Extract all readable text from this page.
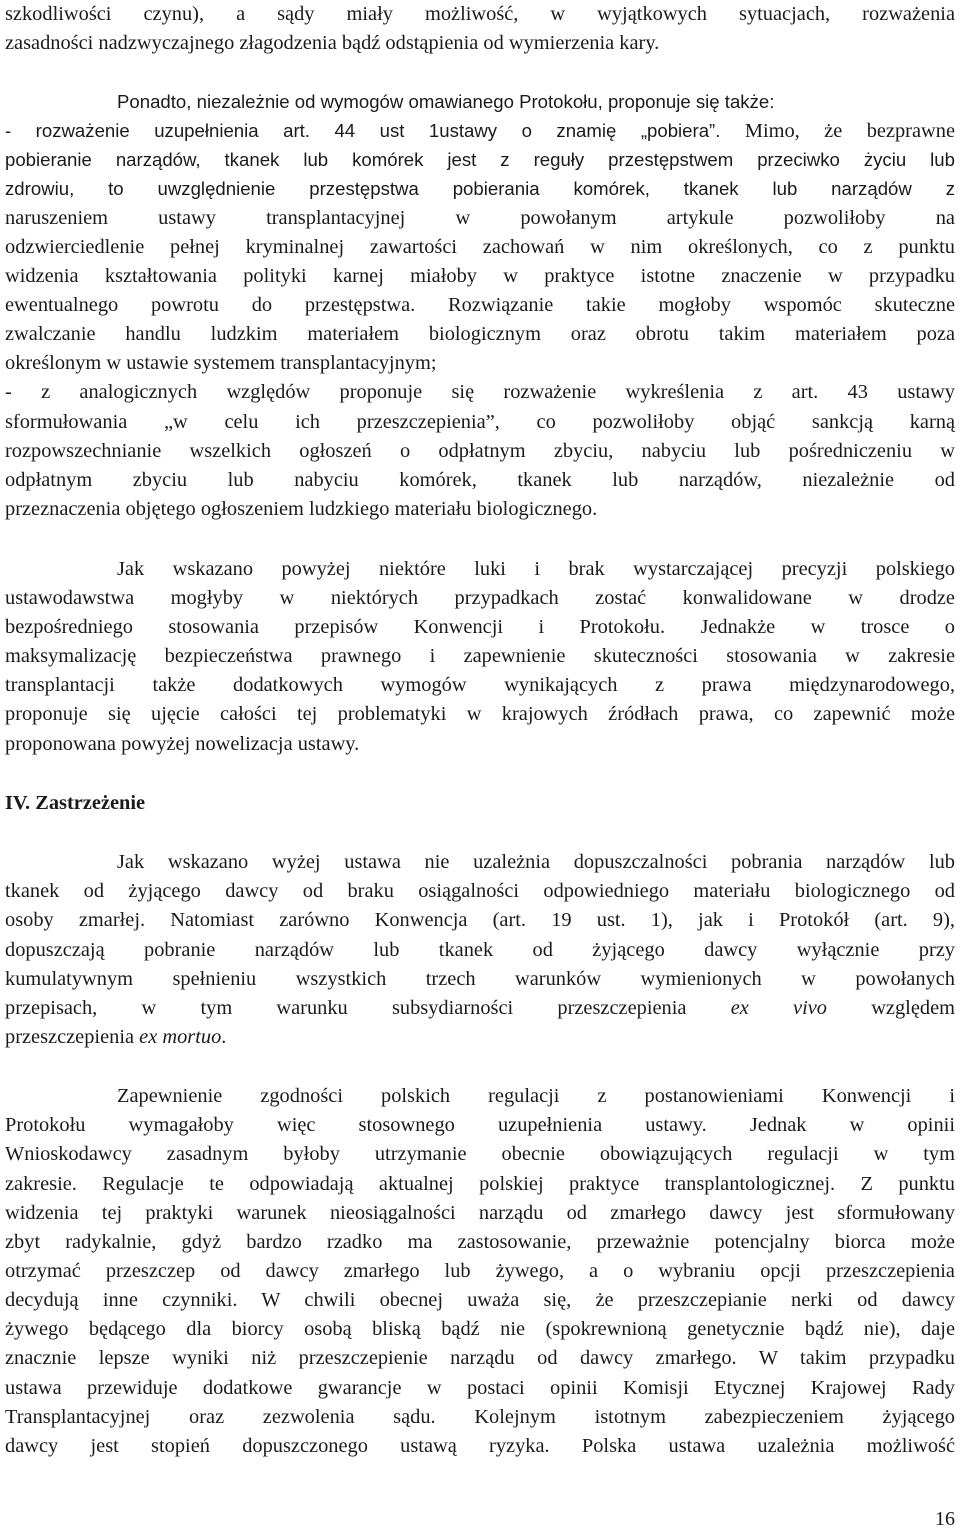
szkodliwości czynu), a sądy miały możliwość, w wyjątkowych sytuacjach, rozważenia
zasadności nadzwyczajnego złagodzenia bądź odstąpienia od wymierzenia kary.
Ponadto, niezależnie od wymogów omawianego Protokołu, proponuje się także:
- rozważenie uzupełnienia art. 44 ust 1ustawy o znamię „pobiera”. Mimo, że bezprawne
pobieranie narządów, tkanek lub komórek jest z reguły przestępstwem przeciwko życiu lub
zdrowiu, to uwzględnienie przestępstwa pobierania komórek, tkanek lub narządów z
naruszeniem ustawy transplantacyjnej w powołanym artykule pozwoliłoby na
odzwierciedlenie pełnej kryminalnej zawartości zachowań w nim określonych, co z punktu
widzenia kształtowania polityki karnej miałoby w praktyce istotne znaczenie w przypadku
ewentualnego powrotu do przestępstwa. Rozwiązanie takie mogłoby wspomóc skuteczne
zwalczanie handlu ludzkim materiałem biologicznym oraz obrotu takim materiałem poza
określonym w ustawie systemem transplantacyjnym;
- z analogicznych względów proponuje się rozważenie wykreślenia z art. 43 ustawy
sformułowania „w celu ich przeszczepienia”, co pozwoliłoby objąć sankcją karną
rozpowszechnianie wszelkich ogłoszeń o odpłatnym zbyciu, nabyciu lub pośredniczeniu w
odpłatnym zbyciu lub nabyciu komórek, tkanek lub narządów, niezależnie od
przeznaczenia objętego ogłoszeniem ludzkiego materiału biologicznego.
Jak wskazano powyżej niektóre luki i brak wystarczającej precyzji polskiego
ustawodawstwa mogłyby w niektórych przypadkach zostać konwalidowane w drodze
bezpośredniego stosowania przepisów Konwencji i Protokołu. Jednakże w trosce o
maksymalizację bezpieczeństwa prawnego i zapewnienie skuteczności stosowania w zakresie
transplantacji także dodatkowych wymogów wynikających z prawa międzynarodowego,
proponuje się ujęcie całości tej problematyki w krajowych źródłach prawa, co zapewnić może
proponowana powyżej nowelizacja ustawy.
IV. Zastrzeżenie
Jak wskazano wyżej ustawa nie uzależnia dopuszczalności pobrania narządów lub
tkanek od żyjącego dawcy od braku osiągalności odpowiedniego materiału biologicznego od
osoby zmarłej. Natomiast zarówno Konwencja (art. 19 ust. 1), jak i Protokół (art. 9),
dopuszczają pobranie narządów lub tkanek od żyjącego dawcy wyłącznie przy
kumulatywnym spełnieniu wszystkich trzech warunków wymienionych w powołanych
przepisach, w tym warunku subsydiarności przeszczepienia ex vivo względem
przeszczepienia ex mortuo.
Zapewnienie zgodności polskich regulacji z postanowieniami Konwencji i
Protokołu wymagałoby więc stosownego uzupełnienia ustawy. Jednak w opinii
Wnioskodawcy zasadnym byłoby utrzymanie obecnie obowiązujących regulacji w tym
zakresie. Regulacje te odpowiadają aktualnej polskiej praktyce transplantologicznej. Z punktu
widzenia tej praktyki warunek nieosiągalności narządu od zmarłego dawcy jest sformułowany
zbyt radykalnie, gdyż bardzo rzadko ma zastosowanie, przeważnie potencjalny biorca może
otrzymać przeszczep od dawcy zmarłego lub żywego, a o wybraniu opcji przeszczepienia
decydują inne czynniki. W chwili obecnej uważa się, że przeszczepianie nerki od dawcy
żywego będącego dla biorcy osobą bliską bądź nie (spokrewnioną genetycznie bądź nie), daje
znacznie lepsze wyniki niż przeszczepienie narządu od dawcy zmarłego. W takim przypadku
ustawa przewiduje dodatkowe gwarancje w postaci opinii Komisji Etycznej Krajowej Rady
Transplantacyjnej oraz zezwolenia sądu. Kolejnym istotnym zabezpieczeniem żyjącego
dawcy jest stopień dopuszczonego ustawą ryzyka. Polska ustawa uzależnia możliwość
16
